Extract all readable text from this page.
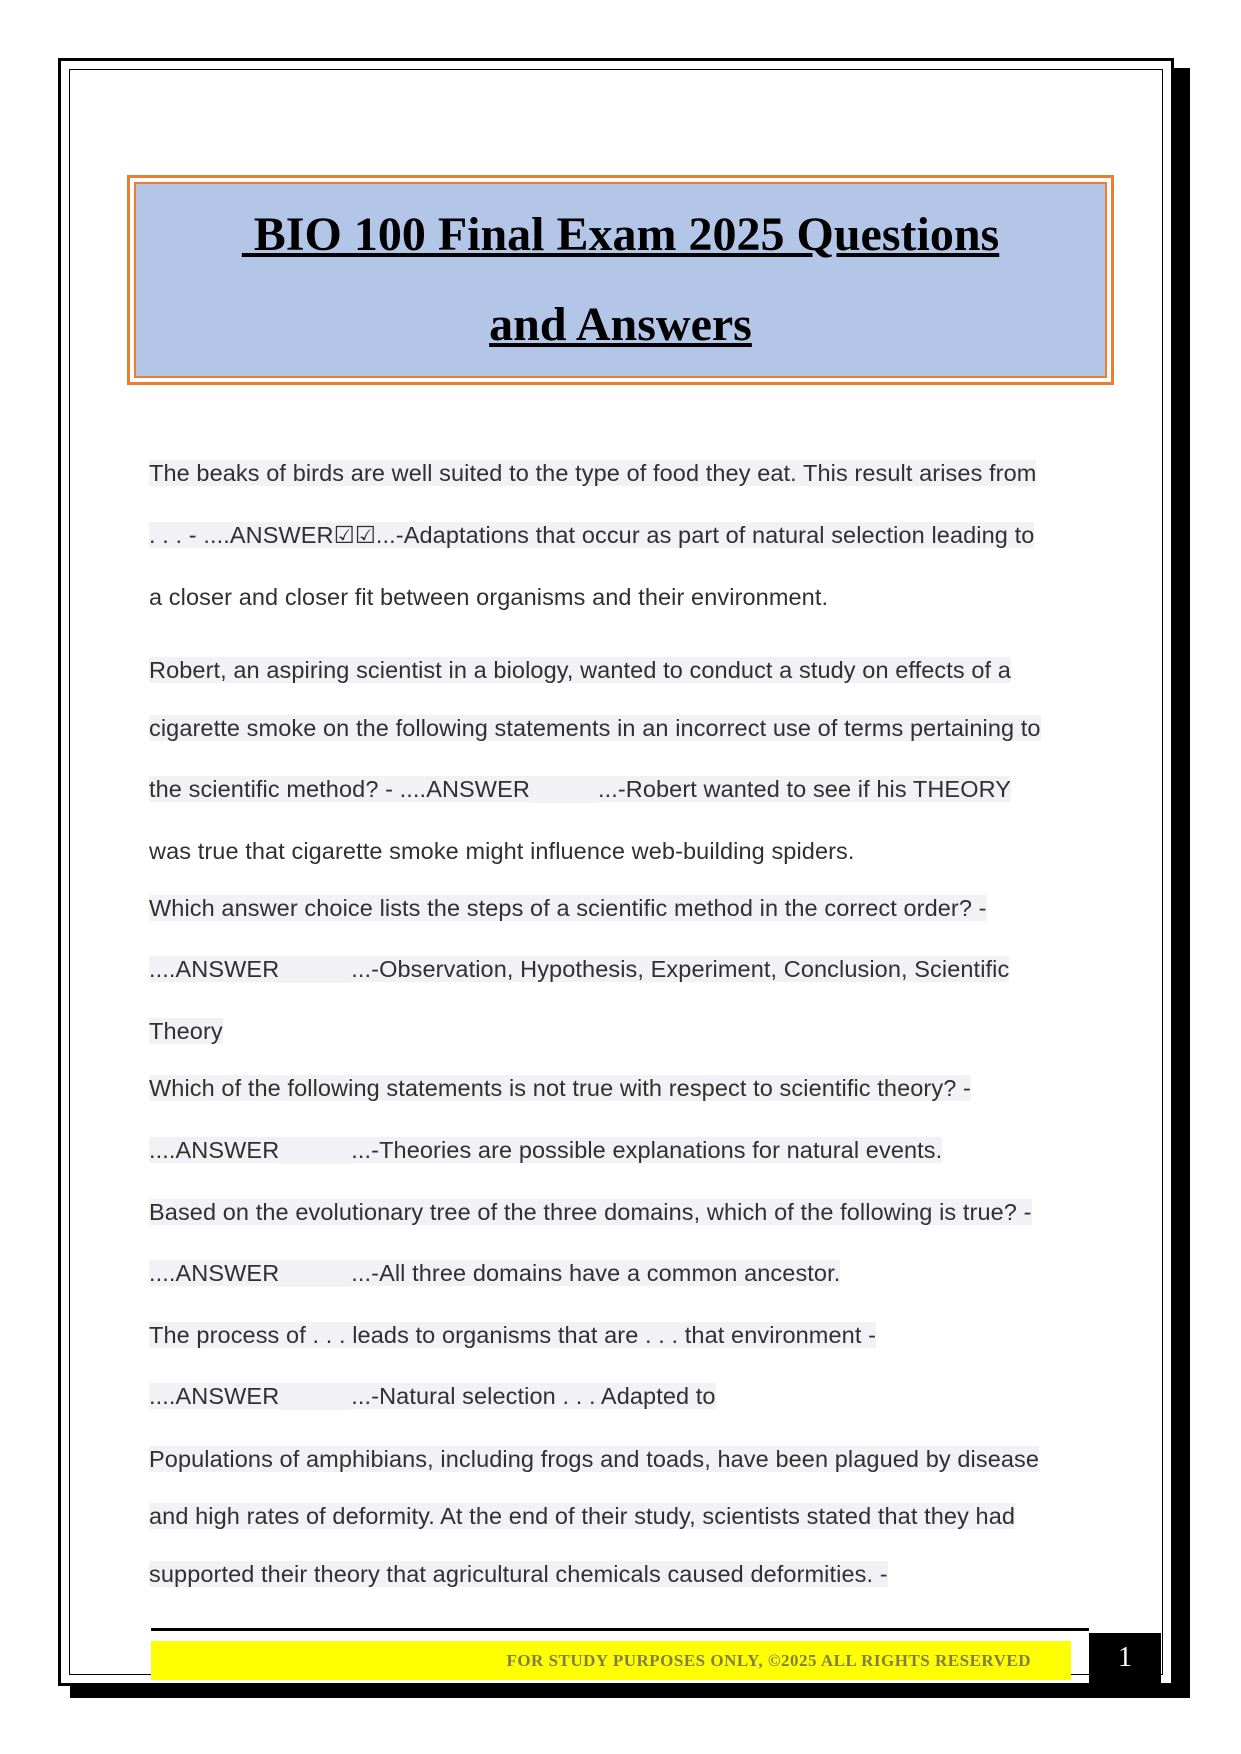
BIO 100 Final Exam 2025 Questions
and Answers
The beaks of birds are well suited to the type of food they eat. This result arises from
. . . - ....ANSWER☑☑...-Adaptations that occur as part of natural selection leading to
a closer and closer fit between organisms and their environment.
Robert, an aspiring scientist in a biology, wanted to conduct a study on effects of a
cigarette smoke on the following statements in an incorrect use of terms pertaining to
the scientific method? - ....ANSWER	...-Robert wanted to see if his THEORY
was true that cigarette smoke might influence web-building spiders.
Which answer choice lists the steps of a scientific method in the correct order? -
....ANSWER	...-Observation, Hypothesis, Experiment, Conclusion, Scientific
Theory
Which of the following statements is not true with respect to scientific theory? -
....ANSWER	...-Theories are possible explanations for natural events.
Based on the evolutionary tree of the three domains, which of the following is true? -
....ANSWER	...-All three domains have a common ancestor.
The process of . . . leads to organisms that are . . . that environment -
....ANSWER	...-Natural selection . . . Adapted to
Populations of amphibians, including frogs and toads, have been plagued by disease
and high rates of deformity. At the end of their study, scientists stated that they had
supported their theory that agricultural chemicals caused deformities. -
FOR STUDY PURPOSES ONLY, ©2025 ALL RIGHTS RESERVED	1
